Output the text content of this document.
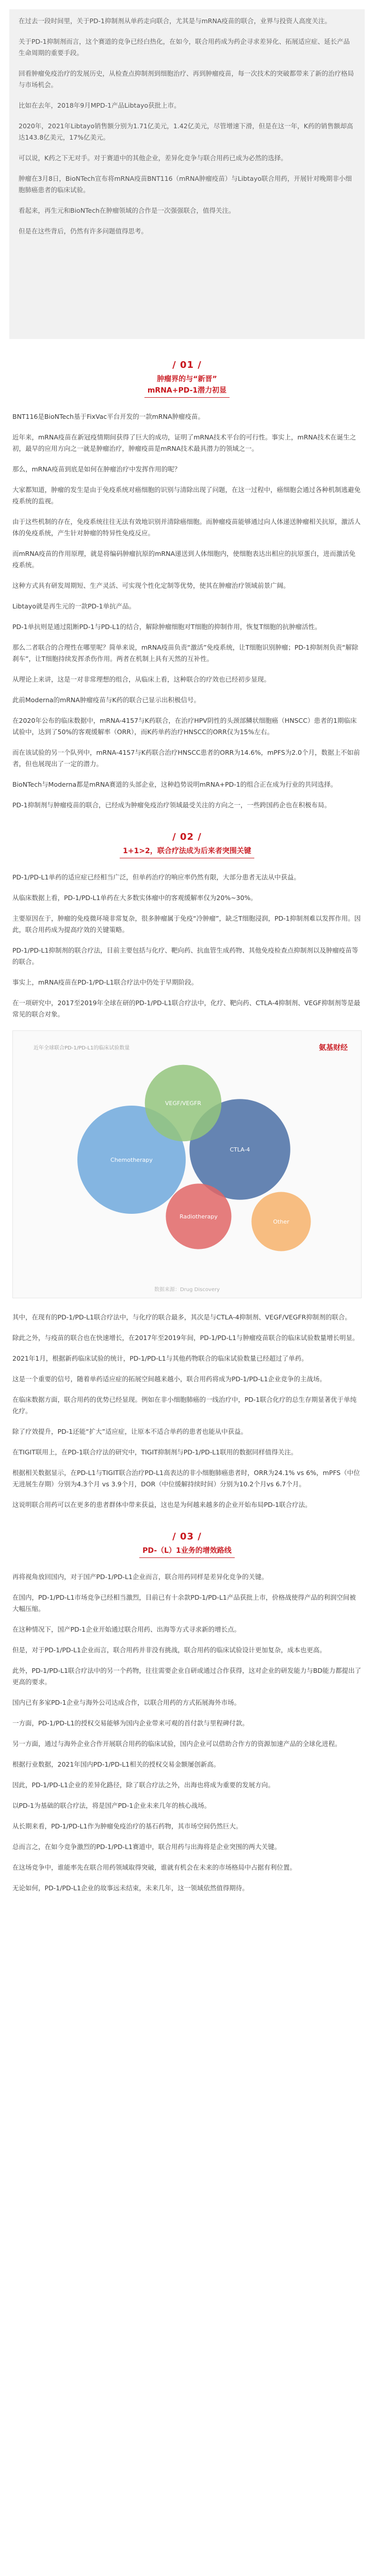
在过去一段时间里，关于PD-1抑制剂从单药走向联合，尤其是与mRNA疫苗的联合，业界与投资人高度关注。

关于PD-1抑制剂而言，这个赛道的竞争已经白热化，在如今，联合用药成为药企寻求差异化、拓展适应症、延长产品生命周期的重要手段。

回看肿瘤免疫治疗的发展历史，从检查点抑制剂到细胞治疗、再到肿瘤疫苗，每一次技术的突破都带来了新的治疗格局与市场机会。

比如在去年，2018年9月MPD-1产品Libtayo获批上市。

2020年，2021年Libtayo销售额分别为1.71亿美元，1.42亿美元，尽管增速下滑，但是在这一年，K药的销售额却高达143.8亿美元，17%亿美元。

可以说，K药之下无对手。对于赛道中的其他企业，差异化竞争与联合用药已成为必然的选择。

肿瘤在3月8日，BioNTech宣布将mRNA疫苗BNT116（mRNA肿瘤疫苗）与Libtayo联合用药，开展针对晚期非小细胞肺癌患者的临床试验。

看起来，再生元和BioNTech在肿瘤领域的合作是一次强强联合，值得关注。

但是在这些背后，仍然有许多问题值得思考。

/ 01 /
肿瘤界的与“新晋”
mRNA+PD-1潜力初显

BNT116是BioNTech基于FixVac平台开发的一款mRNA肿瘤疫苗。

近年来，mRNA疫苗在新冠疫情期间获得了巨大的成功，证明了mRNA技术平台的可行性。事实上，mRNA技术在诞生之初，最早的应用方向之一就是肿瘤治疗，肿瘤疫苗是mRNA技术最具潜力的领域之一。

那么，mRNA疫苗到底是如何在肿瘤治疗中发挥作用的呢？

大家都知道，肿瘤的发生是由于免疫系统对癌细胞的识别与清除出现了问题，在这一过程中，癌细胞会通过各种机制逃避免疫系统的监视。

由于这些机制的存在，免疫系统往往无法有效地识别并清除癌细胞。而肿瘤疫苗能够通过向人体递送肿瘤相关抗原，激活人体的免疫系统，产生针对肿瘤的特异性免疫反应。

而mRNA疫苗的作用原理，就是将编码肿瘤抗原的mRNA递送到人体细胞内，使细胞表达出相应的抗原蛋白，进而激活免疫系统。

这种方式具有研发周期短、生产灵活、可实现个性化定制等优势，使其在肿瘤治疗领域前景广阔。

Libtayo就是再生元的一款PD-1单抗产品。

PD-1单抗则是通过阻断PD-1与PD-L1的结合，解除肿瘤细胞对T细胞的抑制作用，恢复T细胞的抗肿瘤活性。

那么二者联合的合理性在哪里呢？简单来说，mRNA疫苗负责“激活”免疫系统，让T细胞识别肿瘤；PD-1抑制剂负责“解除刹车”，让T细胞持续发挥杀伤作用。两者在机制上具有天然的互补性。

从理论上来讲，这是一对非常理想的组合，从临床上看，这种联合的疗效也已经初步显现。

此前Moderna的mRNA肿瘤疫苗与K药的联合已显示出积极信号。

在2020年公布的临床数据中，mRNA-4157与K药联合，在治疗HPV阴性的头颈部鳞状细胞癌（HNSCC）患者的1期临床试验中，达到了50%的客观缓解率（ORR），而K药单药治疗HNSCC的ORR仅为15%左右。

而在该试验的另一个队列中，mRNA-4157与K药联合治疗HNSCC患者的ORR为14.6%，mPFS为2.0个月，数据上不如前者，但也展现出了一定的潜力。

BioNTech与Moderna都是mRNA赛道的头部企业，这种趋势说明mRNA+PD-1的组合正在成为行业的共同选择。

PD-1抑制剂与肿瘤疫苗的联合，已经成为肿瘤免疫治疗领域最受关注的方向之一，一些跨国药企也在积极布局。

/ 02 /
1+1>2，联合疗法成为后来者突围关键

PD-1/PD-L1单药的适应症已经相当广泛，但单药治疗的响应率仍然有限，大部分患者无法从中获益。

从临床数据上看，PD-1/PD-L1单药在大多数实体瘤中的客观缓解率仅为20%~30%。

主要原因在于，肿瘤的免疫微环境非常复杂，很多肿瘤属于免疫“冷肿瘤”，缺乏T细胞浸润，PD-1抑制剂难以发挥作用。因此，联合用药成为提高疗效的关键策略。

PD-1/PD-L1抑制剂的联合疗法，目前主要包括与化疗、靶向药、抗血管生成药物、其他免疫检查点抑制剂以及肿瘤疫苗等的联合。

事实上，mRNA疫苗在PD-1/PD-L1联合疗法中仍处于早期阶段。

在一项研究中，2017至2019年全球在研的PD-1/PD-L1联合疗法中，化疗、靶向药、CTLA-4抑制剂、VEGF抑制剂等是最常见的联合对象。

近年全球联合PD-1/PD-L1的临床试验数量	氨基财经
Chemotherapy
CTLA-4
VEGF/VEGFR
Radiotherapy
Other
数据来源：Drug Discovery

其中，在现有的PD-1/PD-L1联合疗法中，与化疗的联合最多，其次是与CTLA-4抑制剂、VEGF/VEGFR抑制剂的联合。

除此之外，与疫苗的联合也在快速增长，在2017年至2019年间，PD-1/PD-L1与肿瘤疫苗联合的临床试验数量增长明显。

2021年1月，根据新药临床试验的统计，PD-1/PD-L1与其他药物联合的临床试验数量已经超过了单药。

这是一个重要的信号，随着单药适应症的拓展空间越来越小，联合用药将成为PD-1/PD-L1企业竞争的主战场。

在临床数据方面，联合用药的优势已经显现。例如在非小细胞肺癌的一线治疗中，PD-1联合化疗的总生存期显著优于单纯化疗。

除了疗效提升，PD-1还能“扩大”适应症，让原本不适合单药的患者也能从中获益。

在TIGIT联用上，在PD-1联合疗法的研究中，TIGIT抑制剂与PD-1/PD-L1联用的数据同样值得关注。

根据相关数据显示，在PD-L1与TIGIT联合治疗PD-L1高表达的非小细胞肺癌患者时，ORR为24.1% vs 6%，mPFS（中位无进展生存期）分别为4.3个月 vs 3.9个月，DOR（中位缓解持续时间）分别为10.2个月vs 6.7个月。

这说明联合用药可以在更多的患者群体中带来获益，这也是为何越来越多的企业开始布局PD-1联合疗法。

/ 03 /
PD-（L）1业务的增效路线

再将视角放回国内，对于国产PD-1/PD-L1企业而言，联合用药同样是差异化竞争的关键。

在国内，PD-1/PD-L1市场竞争已经相当激烈，目前已有十余款PD-1/PD-L1产品获批上市，价格战使得产品的利润空间被大幅压缩。

在这种情况下，国产PD-1企业开始通过联合用药、出海等方式寻求新的增长点。

但是，对于PD-1/PD-L1企业而言，联合用药并非没有挑战，联合用药的临床试验设计更加复杂，成本也更高。

此外，PD-1/PD-L1联合疗法中的另一个药物，往往需要企业自研或通过合作获得，这对企业的研发能力与BD能力都提出了更高的要求。

国内已有多家PD-1企业与海外公司达成合作，以联合用药的方式拓展海外市场。

一方面，PD-1/PD-L1的授权交易能够为国内企业带来可观的首付款与里程碑付款。

另一方面，通过与海外企业合作开展联合用药的临床试验，国内企业可以借助合作方的资源加速产品的全球化进程。

根据行业数据，2021年国内PD-1/PD-L1相关的授权交易金额屡创新高。

因此，PD-1/PD-L1企业的差异化路径，除了联合疗法之外，出海也将成为重要的发展方向。

以PD-1为基础的联合疗法，将是国产PD-1企业未来几年的核心战场。

从长期来看，PD-1/PD-L1作为肿瘤免疫治疗的基石药物，其市场空间仍然巨大。

总而言之，在如今竞争激烈的PD-1/PD-L1赛道中，联合用药与出海将是企业突围的两大关键。

在这场竞争中，谁能率先在联合用药领域取得突破，谁就有机会在未来的市场格局中占据有利位置。

无论如何，PD-1/PD-L1企业的故事远未结束，未来几年，这一领域依然值得期待。
